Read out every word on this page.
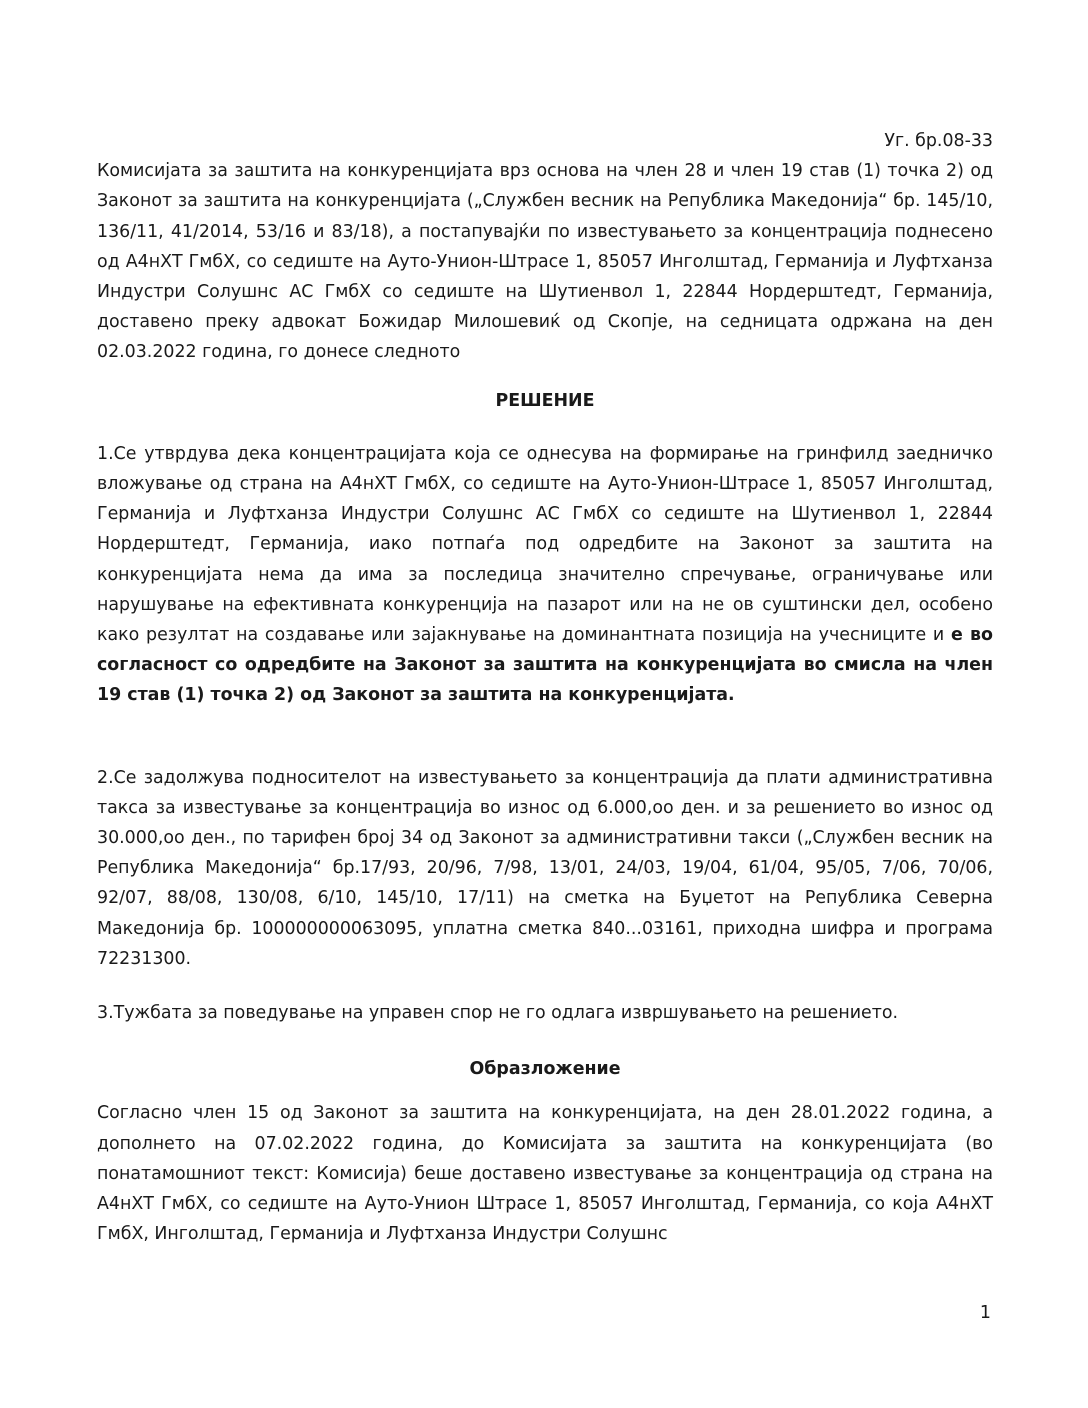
Уг. бр.08-33

Комисијата за заштита на конкуренцијата врз основа на член 28 и член 19 став (1) точка 2) од Законот за заштита на конкуренцијата („Службен весник на Република Македонија“ бр. 145/10, 136/11, 41/2014, 53/16 и 83/18), а постапувајќи по известувањето за концентрација поднесено од А4нХТ ГмбХ, со седиште на Ауто-Унион-Штрасе 1, 85057 Инголштад, Германија и Луфтханза Индустри Солушнс АС ГмбХ со седиште на Шутиенвол 1, 22844 Нордерштедт, Германија, доставено преку адвокат Божидар Милошевиќ од Скопје, на седницата одржана на ден 02.03.2022 година, го донесе следното

РЕШЕНИЕ

1.Се утврдува дека концентрацијата која се однесува на формирање на гринфилд заедничко вложување од страна на А4нХТ ГмбХ, со седиште на Ауто-Унион-Штрасе 1, 85057 Инголштад, Германија и Луфтханза Индустри Солушнс АС ГмбХ со седиште на Шутиенвол 1, 22844 Нордерштедт, Германија, иако потпаѓа под одредбите на Законот за заштита на конкуренцијата нема да има за последица значително спречување, ограничување или нарушување на ефективната конкуренција на пазарот или на не ов суштински дел, особено како резултат на создавање или зајакнување на доминантната позиција на учесниците и е во согласност со одредбите на Законот за заштита на конкуренцијата во смисла на член 19 став (1) точка 2) од Законот за заштита на конкуренцијата.

2.Се задолжува подносителот на известувањето за концентрација да плати административна такса за известување за концентрација во износ од 6.000,оо ден. и за решението во износ од 30.000,оо ден., по тарифен број 34 од Законот за административни такси („Службен весник на Република Македонија“ бр.17/93, 20/96, 7/98, 13/01, 24/03, 19/04, 61/04, 95/05, 7/06, 70/06, 92/07, 88/08, 130/08, 6/10, 145/10, 17/11) на сметка на Буџетот на Република Северна Македонија бр. 100000000063095, уплатна сметка 840...03161, приходна шифра и програма 72231300.

3.Тужбата за поведување на управен спор не го одлага извршувањето на решението.

Образложение

Согласно член 15 од Законот за заштита на конкуренцијата, на ден 28.01.2022 година, а дополнето на 07.02.2022 година, до Комисијата за заштита на конкуренцијата (во понатамошниот текст: Комисија) беше доставено известување за концентрација од страна на А4нХТ ГмбХ, со седиште на Ауто-Унион Штрасе 1, 85057 Инголштад, Германија, со која А4нХТ ГмбХ, Инголштад, Германија и Луфтханза Индустри Солушнс

1
